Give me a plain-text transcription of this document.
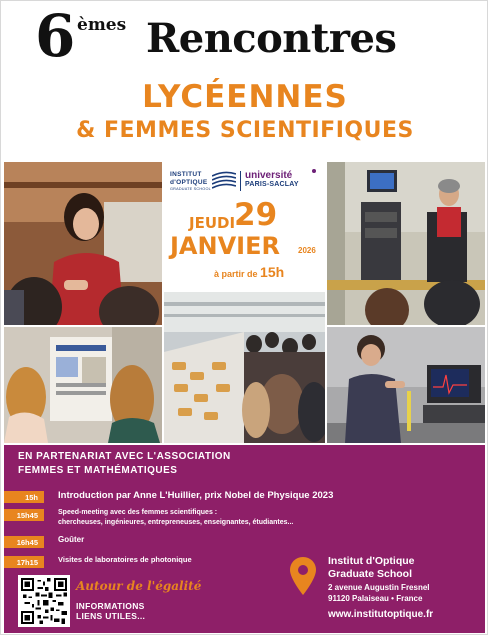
6 èmes Rencontres
LYCÉENNES
& FEMMES SCIENTIFIQUES
INSTITUT
d'OPTIQUE
GRADUATE SCHOOL
université
PARIS-SACLAY
JEUDI
29
JANVIER 2026
à partir de 15h
EN PARTENARIAT AVEC L'ASSOCIATION
FEMMES ET MATHÉMATIQUES
15h	Introduction par Anne L'Huillier, prix Nobel de Physique 2023
15h45	Speed-meeting avec des femmes scientifiques :
chercheuses, ingénieures, entrepreneuses, enseignantes, étudiantes...
16h45	Goûter
17h15	Visites de laboratoires de photonique
Autour de l'égalité
INFORMATIONS
LIENS UTILES...
Institut d'Optique
Graduate School
2 avenue Augustin Fresnel
91120 Palaiseau • France
www.institutoptique.fr
